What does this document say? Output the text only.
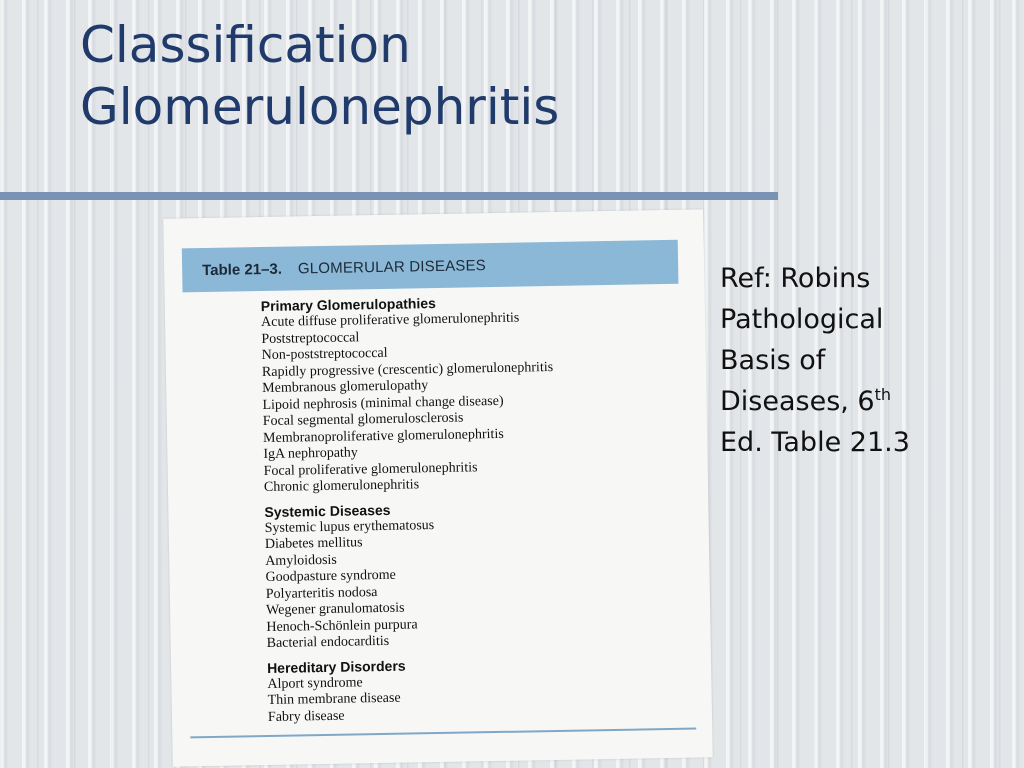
Classification
Glomerulonephritis
Table 21–3. GLOMERULAR DISEASES
Primary Glomerulopathies
Acute diffuse proliferative glomerulonephritis
Poststreptococcal
Non-poststreptococcal
Rapidly progressive (crescentic) glomerulonephritis
Membranous glomerulopathy
Lipoid nephrosis (minimal change disease)
Focal segmental glomerulosclerosis
Membranoproliferative glomerulonephritis
IgA nephropathy
Focal proliferative glomerulonephritis
Chronic glomerulonephritis
Systemic Diseases
Systemic lupus erythematosus
Diabetes mellitus
Amyloidosis
Goodpasture syndrome
Polyarteritis nodosa
Wegener granulomatosis
Henoch-Schönlein purpura
Bacterial endocarditis
Hereditary Disorders
Alport syndrome
Thin membrane disease
Fabry disease
Ref: Robins
Pathological
Basis of
Diseases, 6th
Ed. Table 21.3
